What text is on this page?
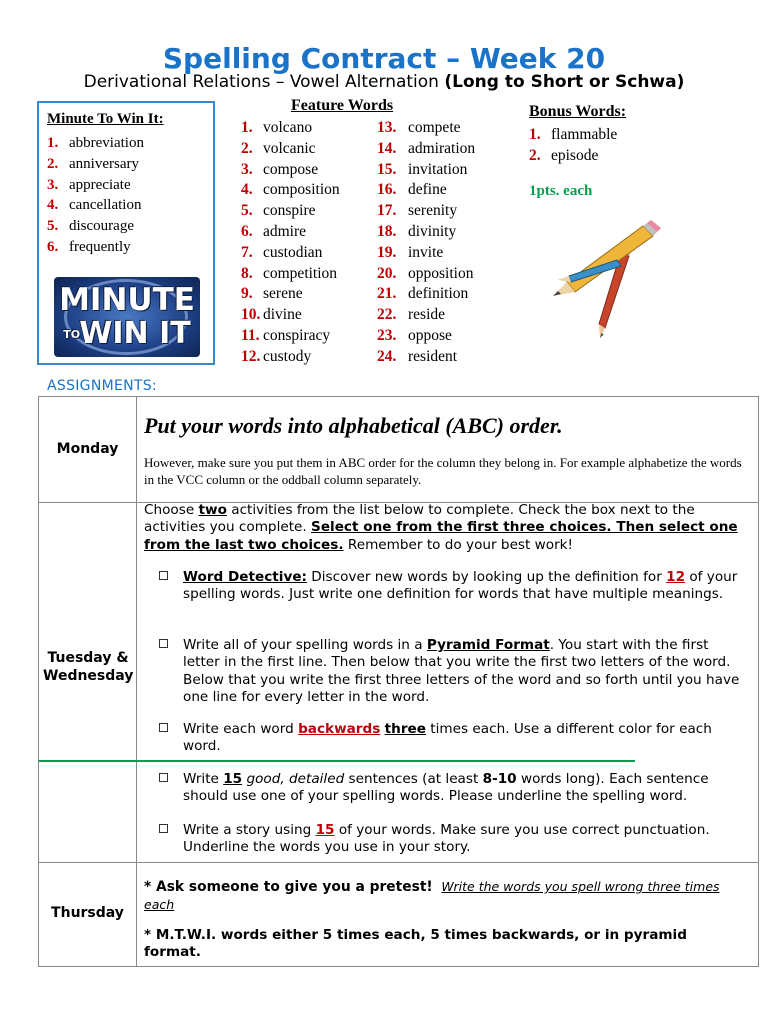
Spelling Contract – Week 20
Derivational Relations – Vowel Alternation (Long to Short or Schwa)
Minute To Win It:
1. abbreviation
2. anniversary
3. appreciate
4. cancellation
5. discourage
6. frequently
MINUTE
TOWIN IT
Feature Words
1. volcano
2. volcanic
3. compose
4. composition
5. conspire
6. admire
7. custodian
8. competition
9. serene
10. divine
11. conspiracy
12. custody
13. compete
14. admiration
15. invitation
16. define
17. serenity
18. divinity
19. invite
20. opposition
21. definition
22. reside
23. oppose
24. resident
Bonus Words:
1. flammable
2. episode
1pts. each
ASSIGNMENTS:
Monday
Put your words into alphabetical (ABC) order.
However, make sure you put them in ABC order for the column they belong in. For example alphabetize the words in the VCC column or the oddball column separately.
Tuesday & Wednesday
Choose two activities from the list below to complete. Check the box next to the activities you complete. Select one from the first three choices. Then select one from the last two choices. Remember to do your best work!
Word Detective: Discover new words by looking up the definition for 12 of your spelling words. Just write one definition for words that have multiple meanings.
Write all of your spelling words in a Pyramid Format. You start with the first letter in the first line. Then below that you write the first two letters of the word. Below that you write the first three letters of the word and so forth until you have one line for every letter in the word.
Write each word backwards three times each. Use a different color for each word.
Write 15 good, detailed sentences (at least 8-10 words long). Each sentence should use one of your spelling words. Please underline the spelling word.
Write a story using 15 of your words. Make sure you use correct punctuation. Underline the words you use in your story.
Thursday
* Ask someone to give you a pretest! Write the words you spell wrong three times each
* M.T.W.I. words either 5 times each, 5 times backwards, or in pyramid format.
